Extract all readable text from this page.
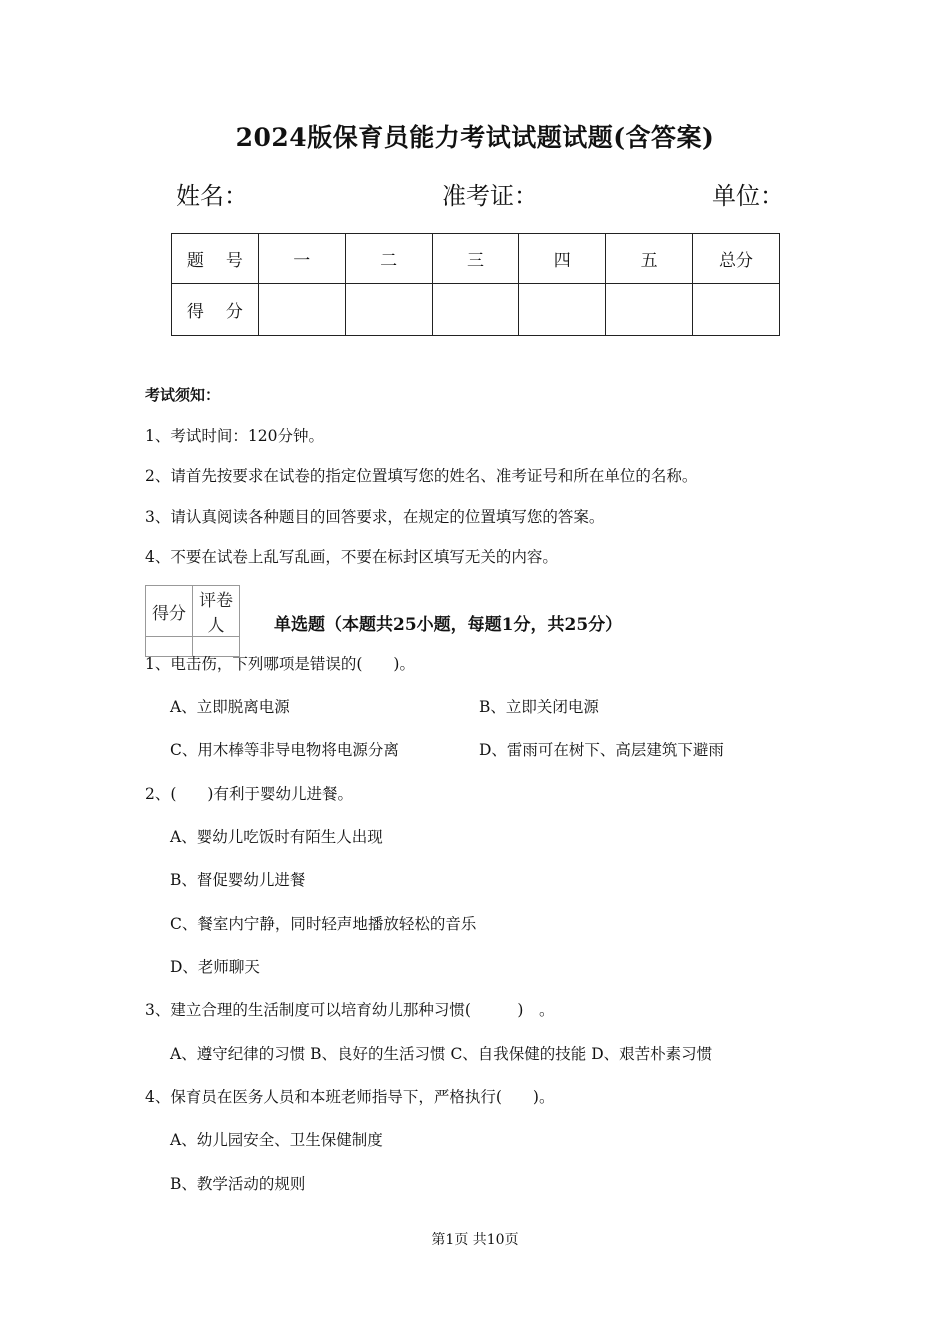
2024版保育员能力考试试题试题(含答案)
姓名：	准考证：	单位：
题 号	一	二	三	四	五	总分
得 分						
考试须知：
1、考试时间：120分钟。
2、请首先按要求在试卷的指定位置填写您的姓名、准考证号和所在单位的名称。
3、请认真阅读各种题目的回答要求，在规定的位置填写您的答案。
4、不要在试卷上乱写乱画，不要在标封区填写无关的内容。
得分	评卷人
		单选题（本题共25小题，每题1分，共25分）
1、电击伤，下列哪项是错误的(　　)。
A、立即脱离电源	B、立即关闭电源
C、用木棒等非导电物将电源分离	D、雷雨可在树下、高层建筑下避雨
2、(　　)有利于婴幼儿进餐。
A、婴幼儿吃饭时有陌生人出现
B、督促婴幼儿进餐
C、餐室内宁静，同时轻声地播放轻松的音乐
D、老师聊天
3、建立合理的生活制度可以培育幼儿那种习惯(　　　)　。
A、遵守纪律的习惯 B、良好的生活习惯 C、自我保健的技能 D、艰苦朴素习惯
4、保育员在医务人员和本班老师指导下，严格执行(　　)。
A、幼儿园安全、卫生保健制度
B、教学活动的规则
第1页 共10页
